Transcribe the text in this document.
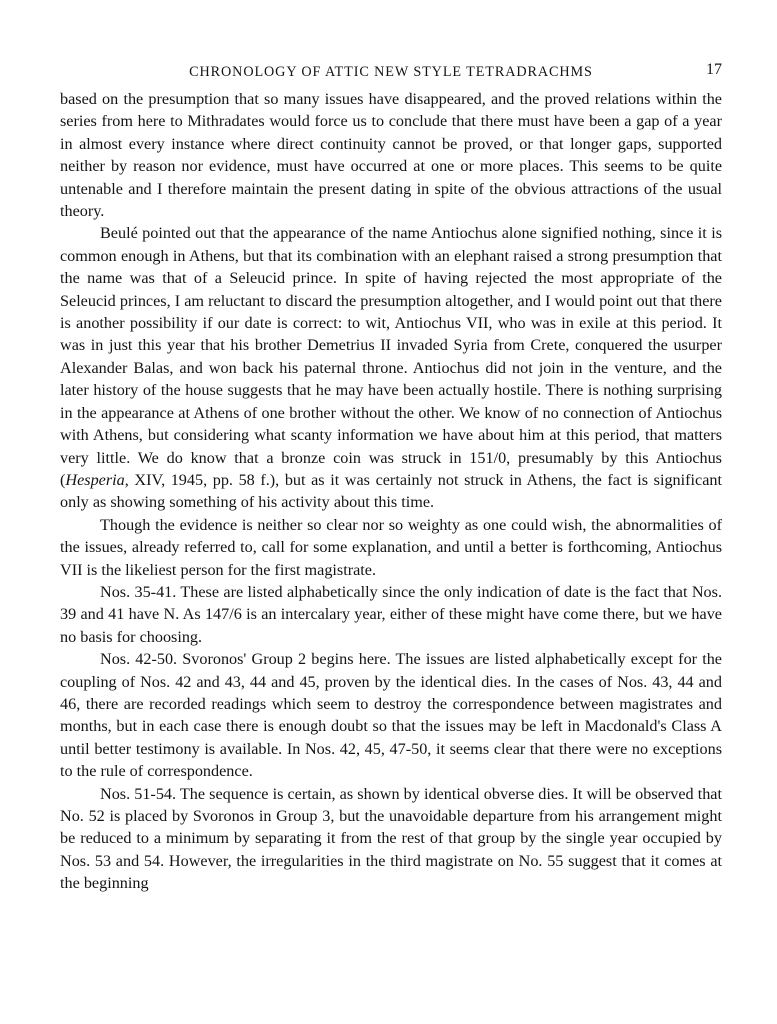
CHRONOLOGY OF ATTIC NEW STYLE TETRADRACHMS	17

based on the presumption that so many issues have disappeared, and the proved relations within the series from here to Mithradates would force us to conclude that there must have been a gap of a year in almost every instance where direct continuity cannot be proved, or that longer gaps, supported neither by reason nor evidence, must have occurred at one or more places. This seems to be quite untenable and I therefore maintain the present dating in spite of the obvious attractions of the usual theory.

Beulé pointed out that the appearance of the name Antiochus alone signified nothing, since it is common enough in Athens, but that its combination with an elephant raised a strong presumption that the name was that of a Seleucid prince. In spite of having rejected the most appropriate of the Seleucid princes, I am reluctant to discard the presumption altogether, and I would point out that there is another possibility if our date is correct: to wit, Antiochus VII, who was in exile at this period. It was in just this year that his brother Demetrius II invaded Syria from Crete, conquered the usurper Alexander Balas, and won back his paternal throne. Antiochus did not join in the venture, and the later history of the house suggests that he may have been actually hostile. There is nothing surprising in the appearance at Athens of one brother without the other. We know of no connection of Antiochus with Athens, but considering what scanty information we have about him at this period, that matters very little. We do know that a bronze coin was struck in 151/0, presumably by this Antiochus (Hesperia, XIV, 1945, pp. 58 f.), but as it was certainly not struck in Athens, the fact is significant only as showing something of his activity about this time.

Though the evidence is neither so clear nor so weighty as one could wish, the abnormalities of the issues, already referred to, call for some explanation, and until a better is forthcoming, Antiochus VII is the likeliest person for the first magistrate.

Nos. 35-41. These are listed alphabetically since the only indication of date is the fact that Nos. 39 and 41 have N. As 147/6 is an intercalary year, either of these might have come there, but we have no basis for choosing.

Nos. 42-50. Svoronos' Group 2 begins here. The issues are listed alphabetically except for the coupling of Nos. 42 and 43, 44 and 45, proven by the identical dies. In the cases of Nos. 43, 44 and 46, there are recorded readings which seem to destroy the correspondence between magistrates and months, but in each case there is enough doubt so that the issues may be left in Macdonald's Class A until better testimony is available. In Nos. 42, 45, 47-50, it seems clear that there were no exceptions to the rule of correspondence.

Nos. 51-54. The sequence is certain, as shown by identical obverse dies. It will be observed that No. 52 is placed by Svoronos in Group 3, but the unavoidable departure from his arrangement might be reduced to a minimum by separating it from the rest of that group by the single year occupied by Nos. 53 and 54. However, the irregularities in the third magistrate on No. 55 suggest that it comes at the beginning
